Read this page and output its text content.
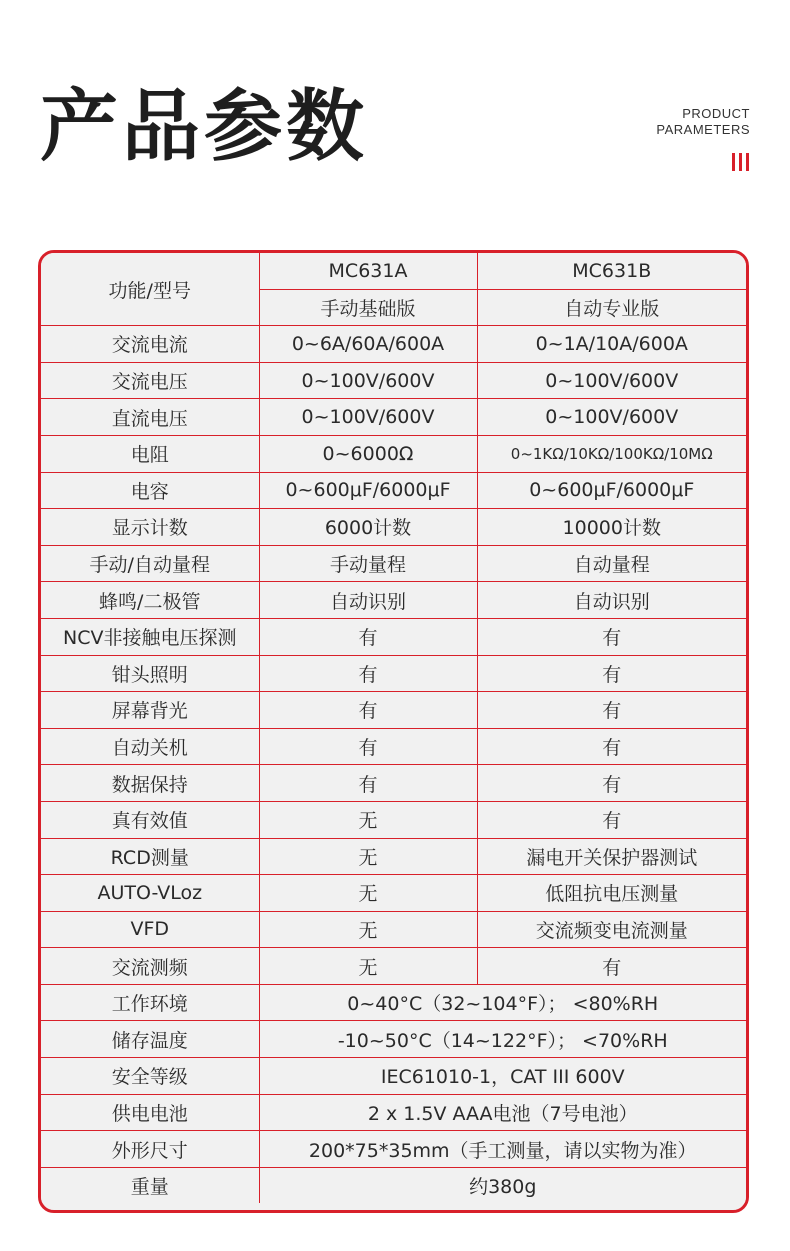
产品参数	PRODUCT
PARAMETERS
功能/型号	MC631A	MC631B
	手动基础版	自动专业版
交流电流	0~6A/60A/600A	0~1A/10A/600A
交流电压	0~100V/600V	0~100V/600V
直流电压	0~100V/600V	0~100V/600V
电阻	0~6000Ω	0~1KΩ/10KΩ/100KΩ/10MΩ
电容	0~600μF/6000μF	0~600μF/6000μF
显示计数	6000计数	10000计数
手动/自动量程	手动量程	自动量程
蜂鸣/二极管	自动识别	自动识别
NCV非接触电压探测	有	有
钳头照明	有	有
屏幕背光	有	有
自动关机	有	有
数据保持	有	有
真有效值	无	有
RCD测量	无	漏电开关保护器测试
AUTO-VLoz	无	低阻抗电压测量
VFD	无	交流频变电流测量
交流测频	无	有
工作环境	0~40°C（32~104°F）； <80%RH	
储存温度	-10~50°C（14~122°F）； <70%RH	
安全等级	IEC61010-1，CAT III 600V	
供电电池	2 x 1.5V AAA电池（7号电池）	
外形尺寸	200*75*35mm（手工测量，请以实物为准）	
重量	约380g	
